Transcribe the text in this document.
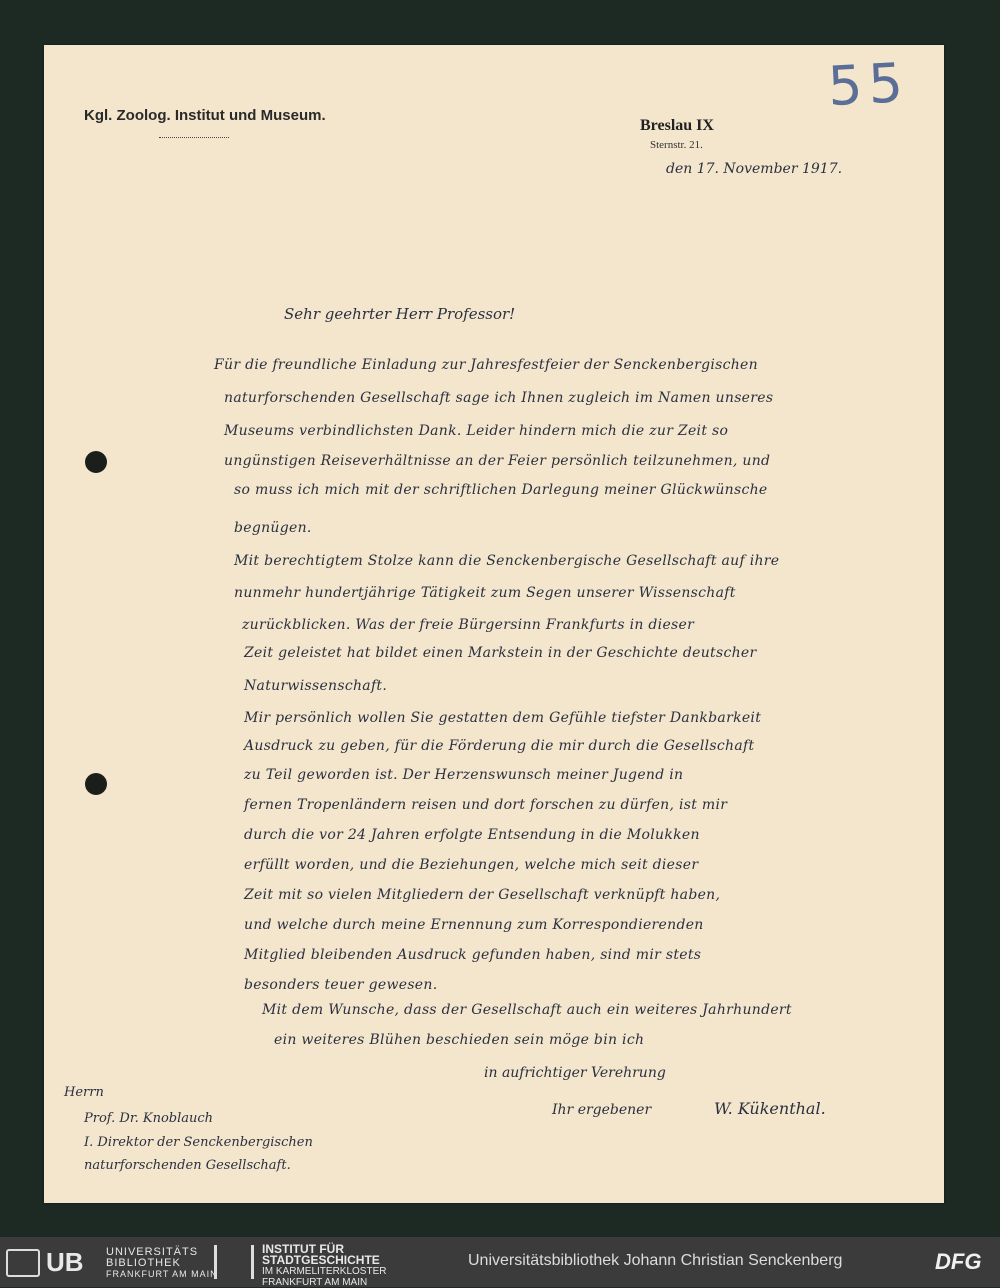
Kgl. Zoolog. Institut und Museum.
Breslau IX
Sternstr. 21.
55
den 17. November 1917.
Sehr geehrter Herr Professor!
Für die freundliche Einladung zur Jahresfestfeier der Senckenbergischen
naturforschenden Gesellschaft sage ich Ihnen zugleich im Namen unseres
Museums verbindlichsten Dank. Leider hindern mich die zur Zeit so
ungünstigen Reiseverhältnisse an der Feier persönlich teilzunehmen, und
so muss ich mich mit der schriftlichen Darlegung meiner Glückwünsche
begnügen.
Mit berechtigtem Stolze kann die Senckenbergische Gesellschaft auf ihre
nunmehr hundertjährige Tätigkeit zum Segen unserer Wissenschaft
zurückblicken. Was der freie Bürgersinn Frankfurts in dieser
Zeit geleistet hat bildet einen Markstein in der Geschichte deutscher
Naturwissenschaft.
Mir persönlich wollen Sie gestatten dem Gefühle tiefster Dankbarkeit
Ausdruck zu geben, für die Förderung die mir durch die Gesellschaft
zu Teil geworden ist. Der Herzenswunsch meiner Jugend in
fernen Tropenländern reisen und dort forschen zu dürfen, ist mir
durch die vor 24 Jahren erfolgte Entsendung in die Molukken
erfüllt worden, und die Beziehungen, welche mich seit dieser
Zeit mit so vielen Mitgliedern der Gesellschaft verknüpft haben,
und welche durch meine Ernennung zum Korrespondierenden
Mitglied bleibenden Ausdruck gefunden haben, sind mir stets
besonders teuer gewesen.
Mit dem Wunsche, dass der Gesellschaft auch ein weiteres Jahrhundert
ein weiteres Blühen beschieden sein möge bin ich
in aufrichtiger Verehrung
Ihr ergebener	W. Kükenthal.
Herrn
Prof. Dr. Knoblauch
I. Direktor der Senckenbergischen
naturforschenden Gesellschaft.
UB UNIVERSITÄTS
BIBLIOTHEK
FRANKFURT AM MAIN
INSTITUT FÜR
STADTGESCHICHTE
IM KARMELITERKLOSTER
FRANKFURT AM MAIN
Universitätsbibliothek Johann Christian Senckenberg	DFG
